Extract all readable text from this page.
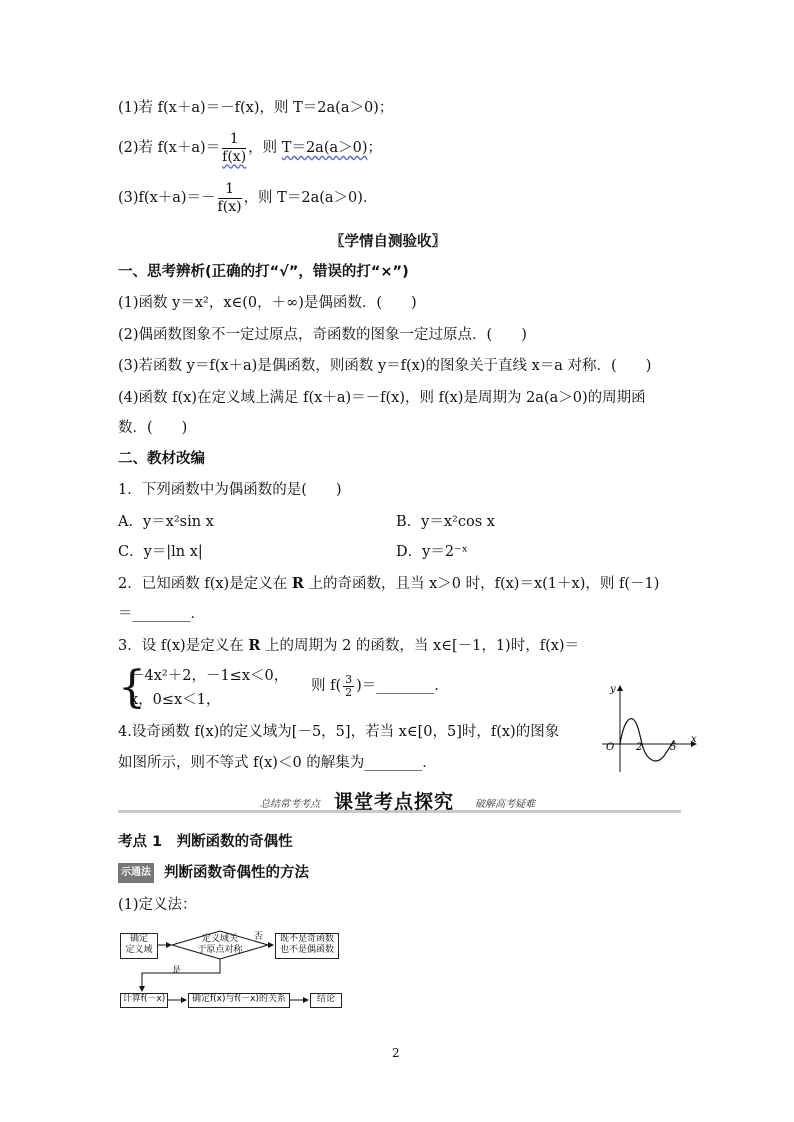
(1)若 f(x＋a)＝－f(x)，则 T＝2a(a＞0)；
(2)若 $f(x+a)= \frac{1}{f(x)}$ ，则 T＝2a(a＞0)；
$(3)f(x+a)=- \frac{1}{f(x)}$ ，则 T＝2a(a＞0)．
〖学情自测验收〗
一、思考辨析(正确的打“√”，错误的打“×”)
(1)函数 y＝x²，x∈(0，＋∞)是偶函数．(　　)
(2)偶函数图象不一定过原点，奇函数的图象一定过原点．(　　)
(3)若函数 y＝f(x＋a)是偶函数，则函数 y＝f(x)的图象关于直线 x＝a 对称．(　　)
(4)函数 f(x)在定义域上满足 f(x＋a)＝－f(x)，则 f(x)是周期为 2a(a＞0)的周期函
数．(　　)
二、教材改编
1．下列函数中为偶函数的是(　　)
A．y＝x²sin x	B．y＝x²cos x
C．y＝|ln x|	D．y＝2⁻ˣ
2．已知函数 f(x)是定义在 R 上的奇函数，且当 x＞0 时，f(x)＝x(1＋x)，则 f(－1)
＝________．
3．设 f(x)是定义在 R 上的周期为 2 的函数，当 x∈[－1，1)时，f(x)＝
{
－4x²＋2，－1≤x＜0，
x，0≤x＜1，
则 $f( \frac{3}{2}$ )＝________．
4.设奇函数 f(x)的定义域为[－5，5]，若当 x∈[0，5]时，f(x)的图象
如图所示，则不等式 f(x)＜0 的解集为________．
y
x
O 2	5
总结常考考点 课堂考点探究 破解高考疑难
考点 1　判断函数的奇偶性
示通法 判断函数奇偶性的方法
(1)定义法：
确定
定义域
定义域关
于原点对称
既不是奇函数
也不是偶函数
否
是
计算f(－x)	确定f(x)与f(－x)的关系	结论
2
